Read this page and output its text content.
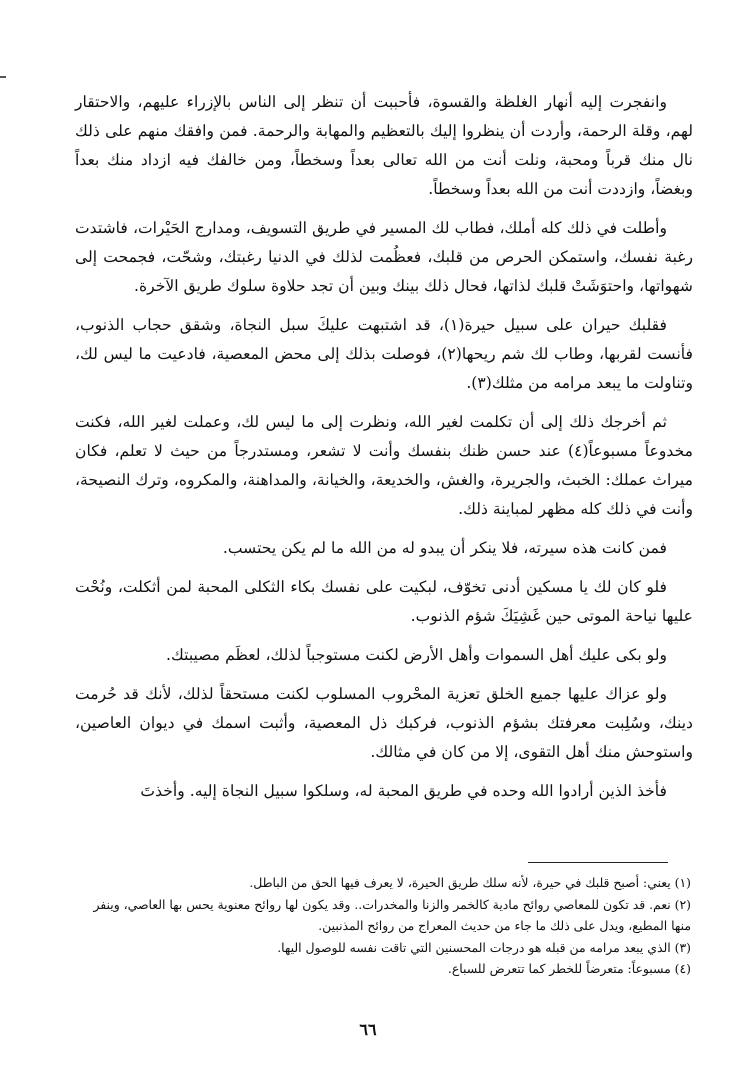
وانفجرت إليه أنهار الغلظة والقسوة، فأحببت أن تنظر إلى الناس بالإزراء عليهم، والاحتقار لهم، وقلة الرحمة، وأردت أن ينظروا إليك بالتعظيم والمهابة والرحمة. فمن وافقك منهم على ذلك نال منك قرباً ومحبة، ونلت أنت من الله تعالى بعداً وسخطاً، ومن خالفك فيه ازداد منك بعداً وبغضاً، وازددت أنت من الله بعداً وسخطاً.

وأطلت في ذلك كله أملك، فطاب لك المسير في طريق التسويف، ومدارج الحَيْرات، فاشتدت رغبة نفسك، واستمكن الحرص من قلبك، فعظُمت لذلك في الدنيا رغبتك، وشحّت، فجمحت إلى شهواتها، واحتوَشَتْ قلبك لذاتها، فحال ذلك بينك وبين أن تجد حلاوة سلوك طريق الآخرة.

فقلبك حيران على سبيل حيرة(١)، قد اشتبهت عليكَ سبل النجاة، وشقق حجاب الذنوب، فأنست لقربها، وطاب لك شم ريحها(٢)، فوصلت بذلك إلى محض المعصية، فادعيت ما ليس لك، وتناولت ما يبعد مرامه من مثلك(٣).

ثم أخرجك ذلك إلى أن تكلمت لغير الله، ونظرت إلى ما ليس لك، وعملت لغير الله، فكنت مخدوعاً مسبوعاً(٤) عند حسن ظنك بنفسك وأنت لا تشعر، ومستدرجاً من حيث لا تعلم، فكان ميراث عملك: الخبث، والجريرة، والغش، والخديعة، والخيانة، والمداهنة، والمكروه، وترك النصيحة، وأنت في ذلك كله مظهر لمباينة ذلك.

فمن كانت هذه سيرته، فلا ينكر أن يبدو له من الله ما لم يكن يحتسب.

فلو كان لك يا مسكين أدنى تخوّف، لبكيت على نفسك بكاء الثكلى المحبة لمن أثكلت، ونُحْت عليها نياحة الموتى حين غَشِيَكَ شؤم الذنوب.

ولو بكى عليك أهل السموات وأهل الأرض لكنت مستوجباً لذلك، لعظَم مصيبتك.

ولو عزاك عليها جميع الخلق تعزية المحْروب المسلوب لكنت مستحقاً لذلك، لأنك قد حُرمت دينك، وسُلِبت معرفتك بشؤم الذنوب، فركبك ذل المعصية، وأثبت اسمك في ديوان العاصين، واستوحش منك أهل التقوى، إلا من كان في مثالك.

فأخذ الذين أرادوا الله وحده في طريق المحبة له، وسلكوا سبيل النجاة إليه. وأخذتَ

(١) يعني: أصبح قلبك في حيرة، لأنه سلك طريق الحيرة، لا يعرف فيها الحق من الباطل.

(٢) نعم. قد تكون للمعاصي روائح مادية كالخمر والزنا والمخدرات.. وقد يكون لها روائح معنوية يحس بها العاصي، وينفر منها المطيع، ويدل على ذلك ما جاء من حديث المعراج من روائح المذنبين.

(٣) الذي يبعد مرامه من قبله هو درجات المحسنين التي تاقت نفسه للوصول اليها.

(٤) مسبوعاً: متعرضاً للخطر كما تتعرض للسباع.

٦٦
